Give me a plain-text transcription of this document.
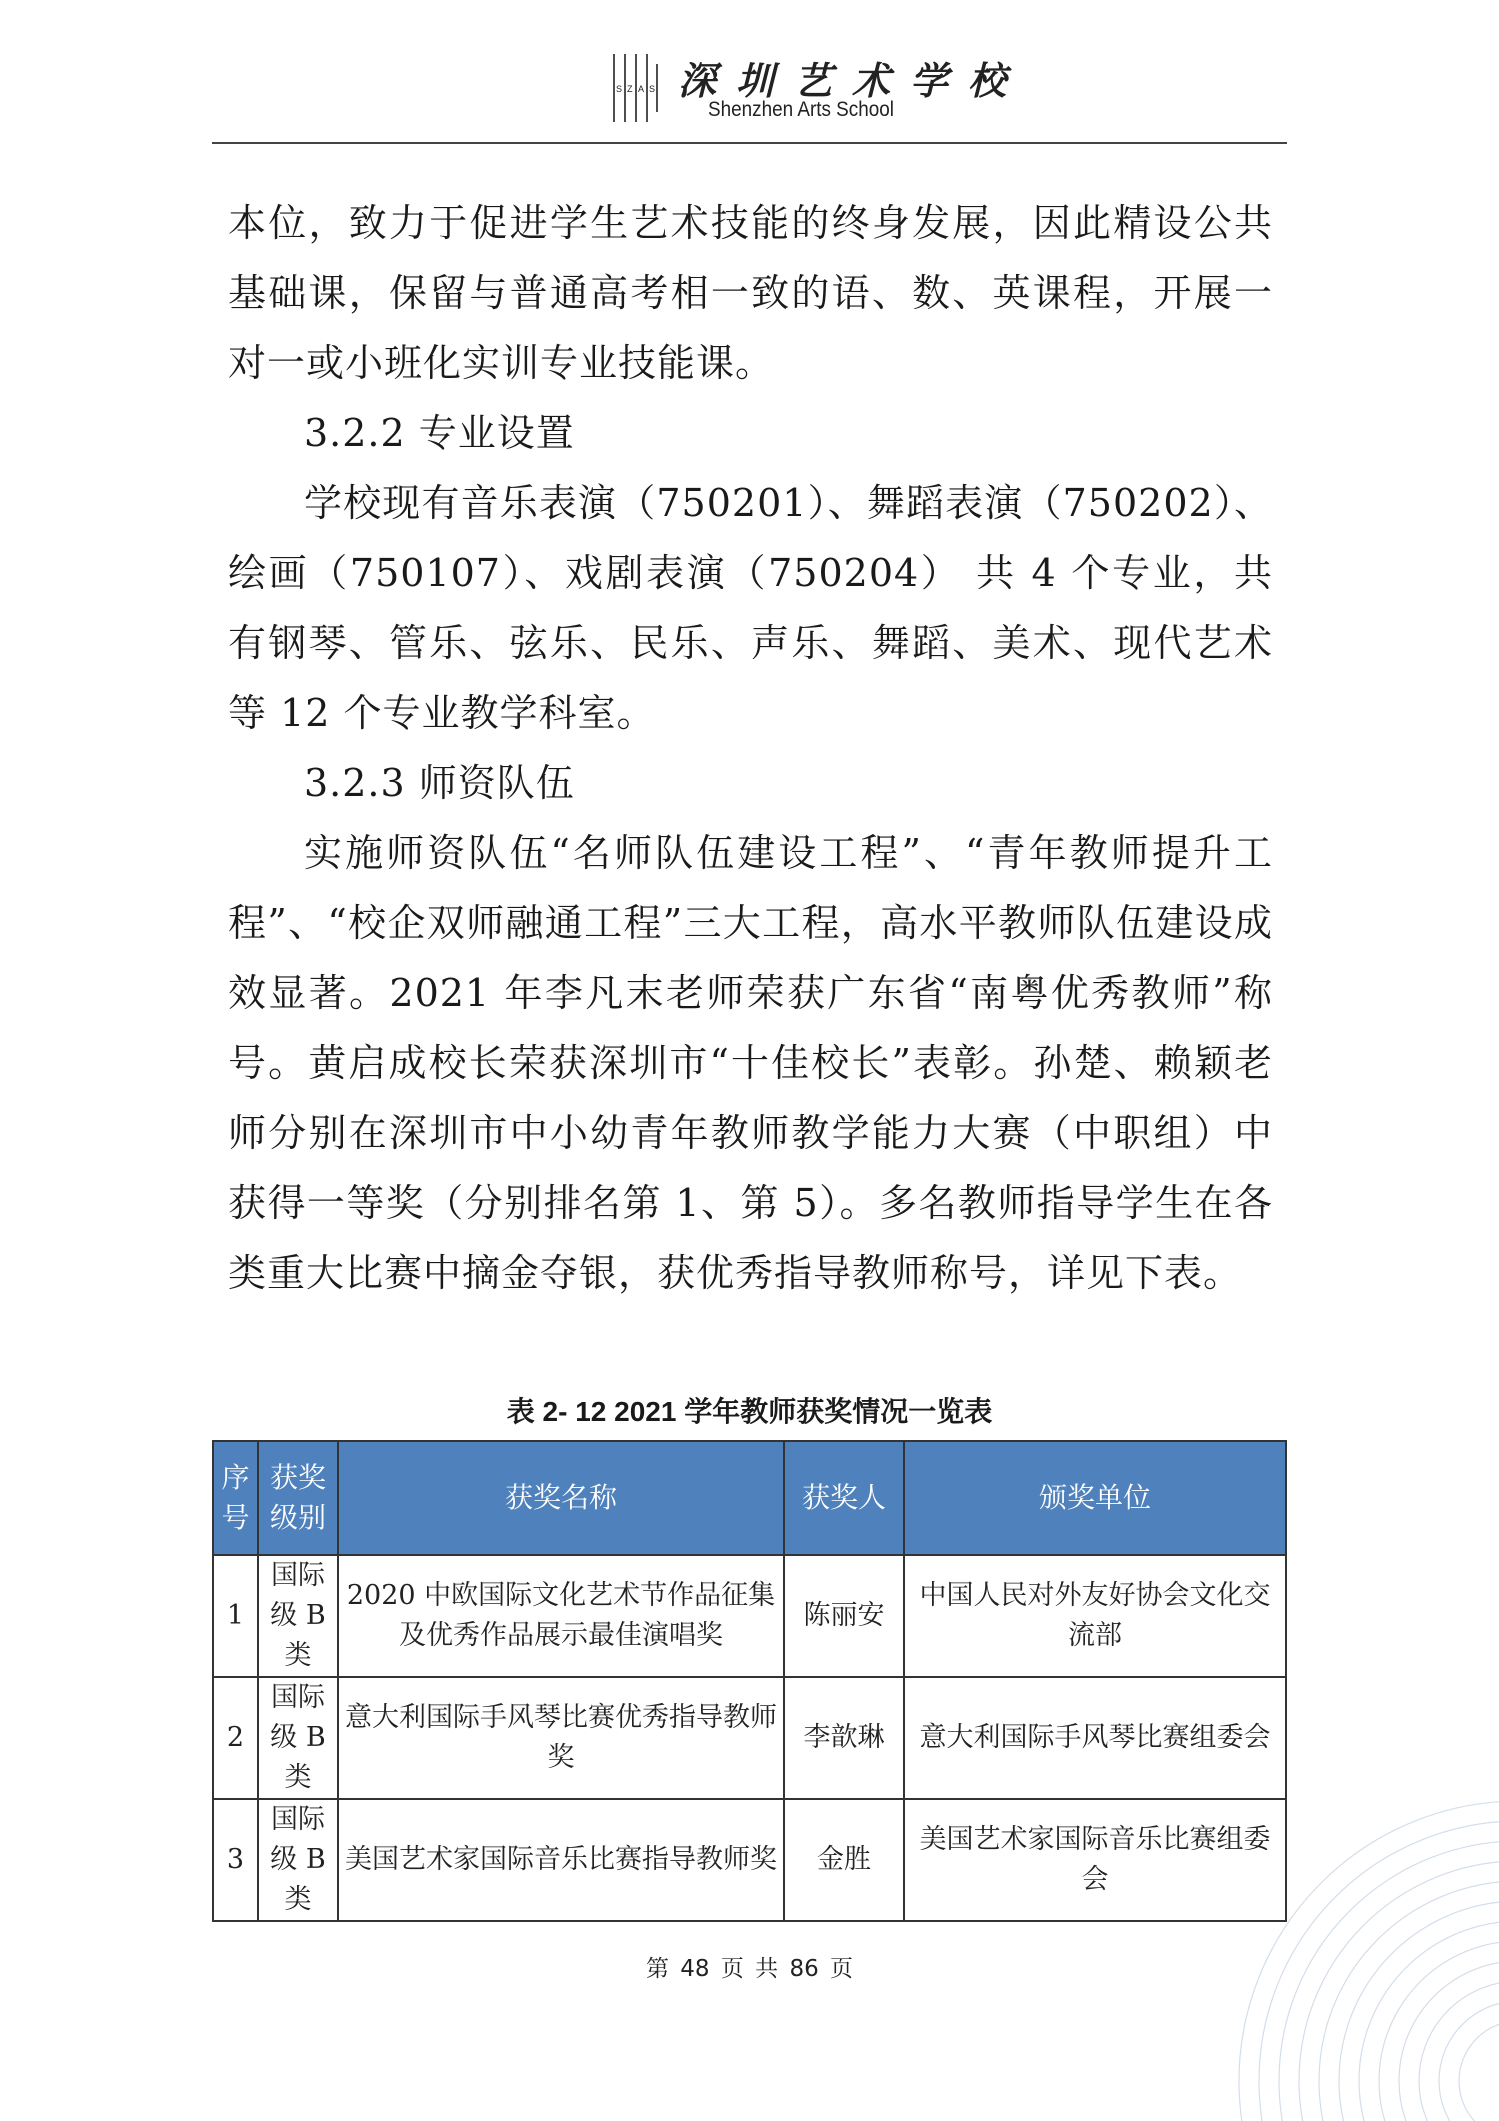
S Z A S 深圳艺术学校
Shenzhen Arts School

本位，致力于促进学生艺术技能的终身发展，因此精设公共基础课，保留与普通高考相一致的语、数、英课程，开展一对一或小班化实训专业技能课。

3.2.2 专业设置

学校现有音乐表演（750201）、舞蹈表演（750202）、绘画（750107）、戏剧表演（750204） 共 4 个专业，共有钢琴、管乐、弦乐、民乐、声乐、舞蹈、美术、现代艺术等 12 个专业教学科室。

3.2.3 师资队伍

实施师资队伍“名师队伍建设工程”、“青年教师提升工程”、“校企双师融通工程”三大工程，高水平教师队伍建设成效显著。2021 年李凡末老师荣获广东省“南粤优秀教师”称号。黄启成校长荣获深圳市“十佳校长”表彰。孙楚、赖颖老师分别在深圳市中小幼青年教师教学能力大赛（中职组）中获得一等奖（分别排名第 1、第 5）。多名教师指导学生在各类重大比赛中摘金夺银，获优秀指导教师称号，详见下表。

表 2- 12 2021 学年教师获奖情况一览表
序号	获奖级别	获奖名称	获奖人	颁奖单位
1	国际级 B 类	2020 中欧国际文化艺术节作品征集及优秀作品展示最佳演唱奖	陈丽安	中国人民对外友好协会文化交流部
2	国际级 B 类	意大利国际手风琴比赛优秀指导教师奖	李歆琳	意大利国际手风琴比赛组委会
3	国际级 B 类	美国艺术家国际音乐比赛指导教师奖	金胜	美国艺术家国际音乐比赛组委会
第 48 页 共 86 页
